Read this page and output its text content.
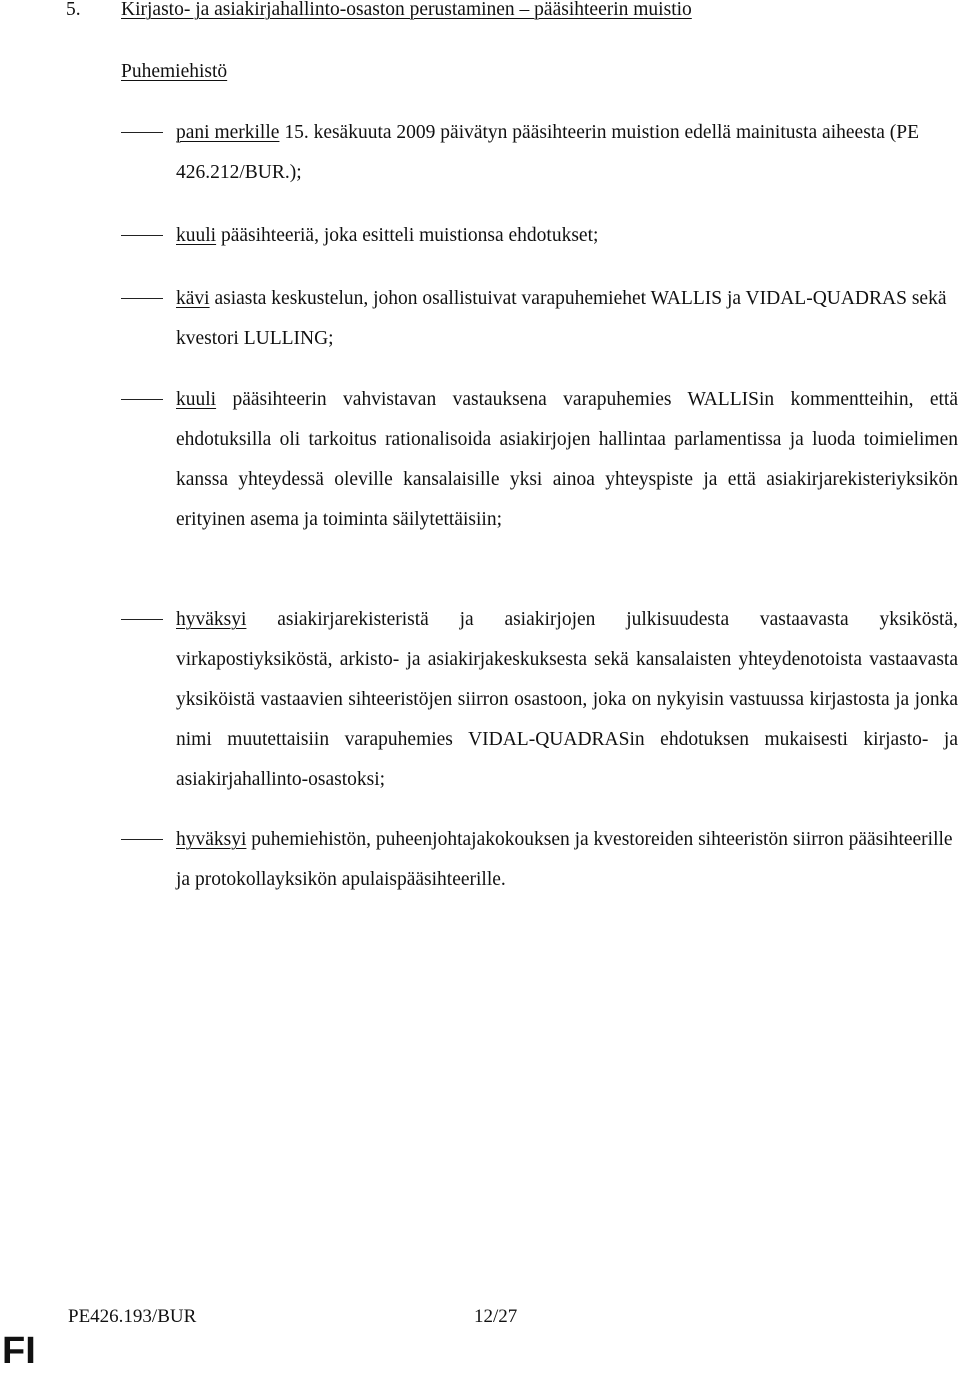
5. Kirjasto- ja asiakirjahallinto-osaston perustaminen – pääsihteerin muistio
Puhemiehistö
pani merkille 15. kesäkuuta 2009 päivätyn pääsihteerin muistion edellä mainitusta aiheesta (PE 426.212/BUR.);
kuuli pääsihteeriä, joka esitteli muistionsa ehdotukset;
kävi asiasta keskustelun, johon osallistuivat varapuhemiehet WALLIS ja VIDAL-QUADRAS sekä kvestori LULLING;
kuuli pääsihteerin vahvistavan vastauksena varapuhemies WALLISin kommentteihin, että ehdotuksilla oli tarkoitus rationalisoida asiakirjojen hallintaa parlamentissa ja luoda toimielimen kanssa yhteydessä oleville kansalaisille yksi ainoa yhteyspiste ja että asiakirjarekisteriyksikön erityinen asema ja toiminta säilytettäisiin;
hyväksyi asiakirjarekisteristä ja asiakirjojen julkisuudesta vastaavasta yksiköstä, virkapostiyksiköstä, arkisto- ja asiakirjakeskuksesta sekä kansalaisten yhteydenotoista vastaavasta yksiköistä vastaavien sihteeristöjen siirron osastoon, joka on nykyisin vastuussa kirjastosta ja jonka nimi muutettaisiin varapuhemies VIDAL-QUADRASin ehdotuksen mukaisesti kirjasto- ja asiakirjahallinto-osastoksi;
hyväksyi puhemiehistön, puheenjohtajakokouksen ja kvestoreiden sihteeristön siirron pääsihteerille ja protokollayksikön apulaispääsihteerille.
PE426.193/BUR	12/27
FI
